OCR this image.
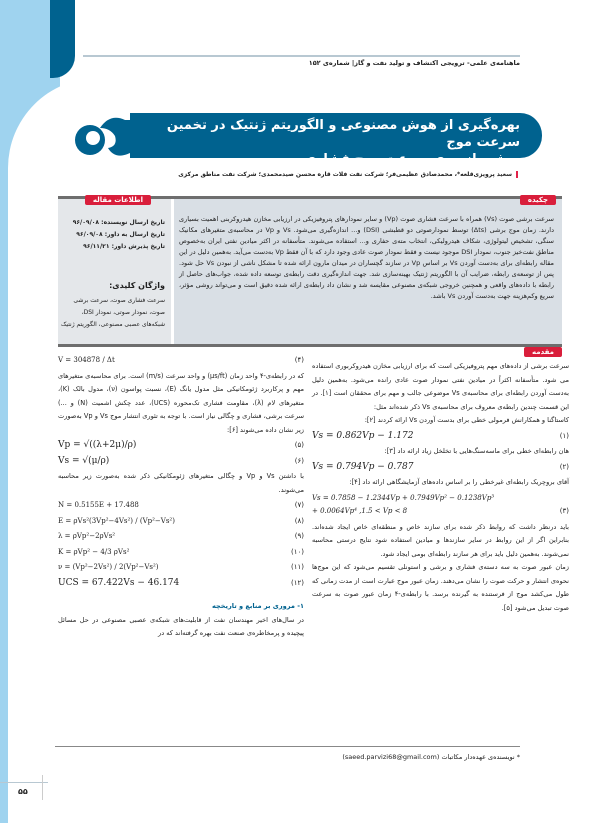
ماهنامه‌ی علمی- ترویجی اکتشاف و تولید نفت و گاز| شماره‌ی ۱۵۲
بهره‌گیری از هوش مصنوعی و الگوریتم ژنتیک در تخمین سرعت موج
برشی از روی سرعت موج فشاری
سعید پرویزی‌قلعه*، محمدصادق عظیمی‌فر؛ شرکت نفت فلات قاره‌ محسن صیدمحمدی؛ شرکت نفت مناطق مرکزی
اطلاعات مقاله
تاریخ ارسال نویسنده: ۹۶/۰۹/۰۸
تاریخ ارسال به داور: ۹۶/۰۹/۰۸
تاریخ پذیرش داور: ۹۶/۱۱/۲۱
واژگان کلیدی:
سرعت فشاری صوت، سرعت برشی صوت، نمودار صوتی، نمودار DSI، شبکه‌های عصبی مصنوعی، الگوریتم ژنتیک
چکیده
سرعت برشی صوت (Vs) همراه با سرعت فشاری صوت (Vp) و سایر نمودارهای پتروفیزیکی در ارزیابی مخازن هیدروکربنی اهمیت بسیاری دارند. زمان موج برشی (Δts) توسط نمودارصوتی دو قطبشی (DSI) و... اندازه‌گیری می‌شود. Vs و Vp در محاسبه‌ی متغیرهای مکانیک سنگی، تشخیص لیتولوژی، شکاف هیدرولیکی، انتخاب مته‌ی حفاری و... استفاده می‌شوند. متأسفانه در اکثر میادین نفتی ایران به‌خصوص مناطق نفت‌خیز جنوب، نمودار DSI موجود نیست و فقط نمودار صوت عادی وجود دارد که با آن فقط Vp به‌دست می‌آید. به‌همین دلیل در این مقاله رابطه‌ای برای به‌دست آوردن Vs بر اساس Vp در سازند گچساران در میدان مارون ارائه شده تا مشکل ناشی از نبودن Vs حل شود. پس از توسعه‌ی رابطه، ضرایب آن با الگوریتم ژنتیک بهینه‌سازی شد. جهت اندازه‌گیری دقت رابطه‌ی توسعه داده شده، جواب‌های حاصل از رابطه با داده‌های واقعی و همچنین خروجی شبکه‌ی مصنوعی مقایسه شد و نشان داد رابطه‌ی ارائه شده دقیق است و می‌تواند روشی مؤثر، سریع وکم‌هزینه جهت به‌دست آوردن Vs باشد.
مقدمه

سرعت برشی از داده‌های مهم پتروفیزیکی است که برای ارزیابی مخازن هیدروکربوری استفاده می شود. متأسفانه اکثراً در میادین نفتی نمودار صوت عادی رانده می‌شود. به‌همین دلیل به‌دست آوردن رابطه‌ای برای محاسبه‌ی Vs موضوعی جالب و مهم برای محققان است [۱]. در این قسمت چندین رابطه‌ی معروف برای محاسبه‌ی Vs ذکر شده‌اند مثل:

کاستاگنا و همکارانش فرمولی خطی برای بدست آوردن Vs ارائه کردند [۲]:

Vs = 0.862Vp − 1.172	(۱)

هان رابطه‌ای خطی برای ماسه‌سنگ‌هایی با تخلخل زیاد ارائه داد [۳]:

Vs = 0.794Vp − 0.787	(۲)

آقای بروچریک رابطه‌ای غیرخطی را بر اساس داده‌های آزمایشگاهی ارائه داد [۴]:

Vs = 0.7858 − 1.2344Vp + 0.7949Vp² − 0.1238Vp³
+ 0.0064Vp⁴ ,1.5 < Vp < 8	(۳)

باید درنظر داشت که روابط ذکر شده برای سازند خاص و منطقه‌ای خاص ایجاد شده‌اند. بنابراین اگر از این روابط در سایر سازندها و میادین استفاده شود نتایج درستی محاسبه نمی‌شوند. به‌همین دلیل باید برای هر سازند رابطه‌ای بومی ایجاد شود.

زمان عبور صوت به سه دسته‌ی فشاری و برشی و استونلی تقسیم می‌شود که این موج‌ها نحوه‌ی انتشار و حرکت صوت را نشان می‌دهند. زمان عبور موج عبارت است از مدت زمانی که طول می‌کشد موج از فرستنده به گیرنده برسد. با رابطه‌ی-۴ زمان عبور صوت به سرعت صوت تبدیل می‌شود [۵].

V = 304878 / Δt	(۴)

که در رابطه‌ی-۴ واحد زمان (µs/ft) و واحد سرعت (m/s) است. برای محاسبه‌ی متغیرهای مهم و پرکاربرد ژئومکانیکی مثل مدول یانگ (E)، نسبت پواسون (ν)، مدول بالک (K)، متغیرهای لام (λ)، مقاومت فشاری تک‌محوره (UCS)، عدد چکش اشمیت (N) و ...) سرعت برشی، فشاری و چگالی نیاز است. با توجه به تئوری انتشار موج Vs و Vp به‌صورت زیر نشان داده می‌شوند [۶]:

Vp = √((λ+2μ)/ρ)	(۵)
Vs = √(μ/ρ)	(۶)

با داشتن Vs و Vp و چگالی متغیرهای ژئومکانیکی ذکر شده به‌صورت زیر محاسبه می‌شوند.

N = 0.5155E + 17.488	(۷)
E = ρVs²(3Vp²−4Vs²) / (Vp²−Vs²)	(۸)
λ = ρVp²−2ρVs²	(۹)
K = ρVp² − 4/3 ρVs²	(۱۰)
ν = (Vp²−2Vs²) / 2(Vp²−Vs²)	(۱۱)
UCS = 67.422Vs − 46.174	(۱۲)

۱- مروری بر منابع و تاریخچه

در سال‌های اخیر مهندسان نفت از قابلیت‌های شبکه‌ی عصبی مصنوعی در حل مسائل پیچیده و پرمخاطره‌ی صنعت نفت بهره گرفته‌اند که در

* نویسنده‌ی عهده‌دار مکاتبات (saeed.parvizi68@gmail.com)
۵۵
